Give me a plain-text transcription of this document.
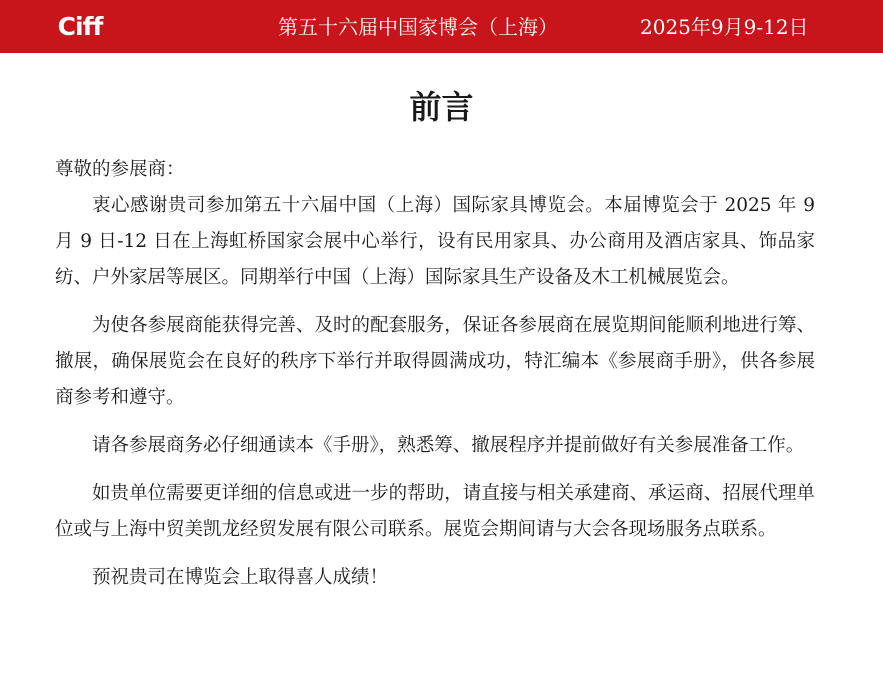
Ciff	第五十六届中国家博会（上海）	2025年9月9-12日
前言

尊敬的参展商：

衷心感谢贵司参加第五十六届中国（上海）国际家具博览会。本届博览会于 2025 年 9 月 9 日-12 日在上海虹桥国家会展中心举行，设有民用家具、办公商用及酒店家具、饰品家纺、户外家居等展区。同期举行中国（上海）国际家具生产设备及木工机械展览会。

为使各参展商能获得完善、及时的配套服务，保证各参展商在展览期间能顺利地进行筹、撤展，确保展览会在良好的秩序下举行并取得圆满成功，特汇编本《参展商手册》，供各参展商参考和遵守。

请各参展商务必仔细通读本《手册》，熟悉筹、撤展程序并提前做好有关参展准备工作。

如贵单位需要更详细的信息或进一步的帮助，请直接与相关承建商、承运商、招展代理单位或与上海中贸美凯龙经贸发展有限公司联系。展览会期间请与大会各现场服务点联系。

预祝贵司在博览会上取得喜人成绩！
